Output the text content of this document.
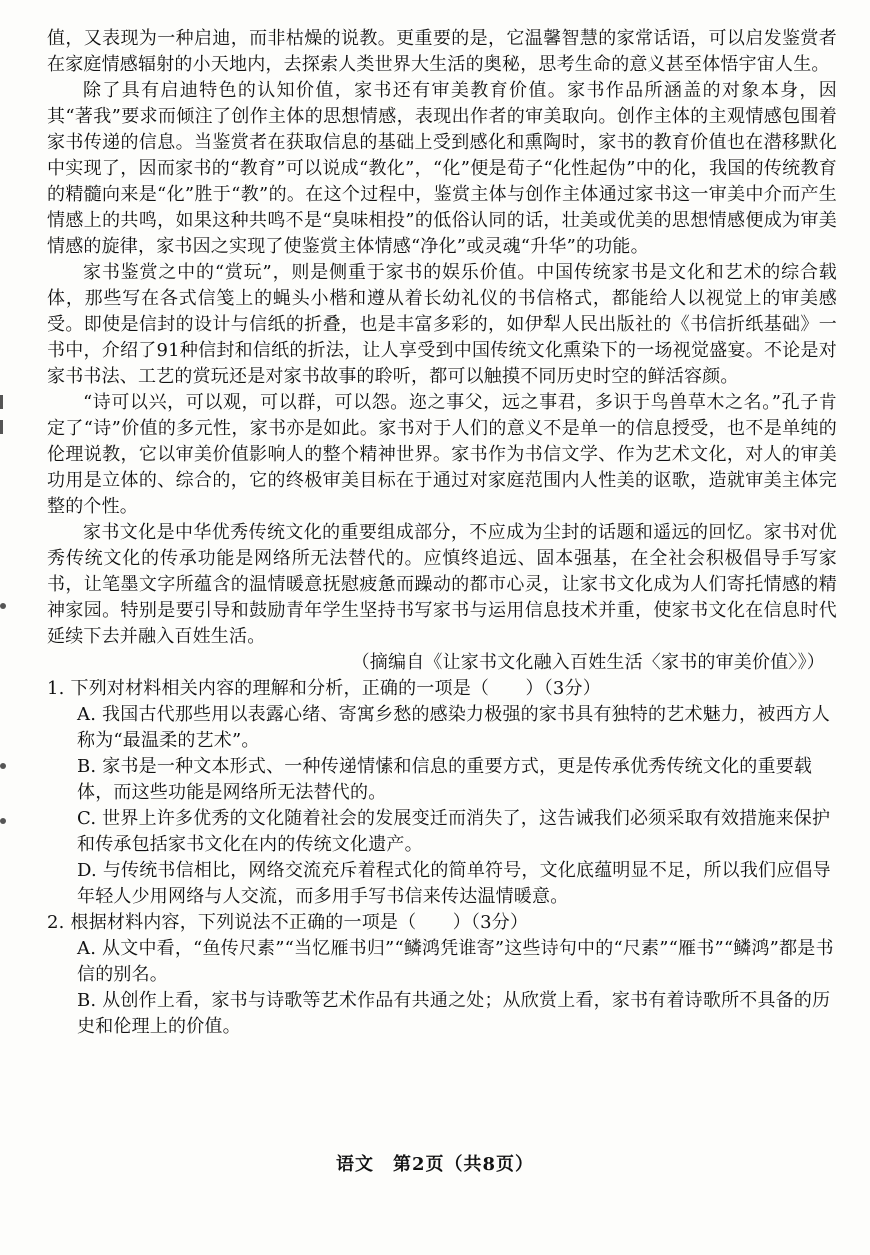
值，又表现为一种启迪，而非枯燥的说教。更重要的是，它温馨智慧的家常话语，可以启发鉴赏者在家庭情感辐射的小天地内，去探索人类世界大生活的奥秘，思考生命的意义甚至体悟宇宙人生。

除了具有启迪特色的认知价值，家书还有审美教育价值。家书作品所涵盖的对象本身，因其“著我”要求而倾注了创作主体的思想情感，表现出作者的审美取向。创作主体的主观情感包围着家书传递的信息。当鉴赏者在获取信息的基础上受到感化和熏陶时，家书的教育价值也在潜移默化中实现了，因而家书的“教育”可以说成“教化”，“化”便是荀子“化性起伪”中的化，我国的传统教育的精髓向来是“化”胜于“教”的。在这个过程中，鉴赏主体与创作主体通过家书这一审美中介而产生情感上的共鸣，如果这种共鸣不是“臭味相投”的低俗认同的话，壮美或优美的思想情感便成为审美情感的旋律，家书因之实现了使鉴赏主体情感“净化”或灵魂“升华”的功能。

家书鉴赏之中的“赏玩”，则是侧重于家书的娱乐价值。中国传统家书是文化和艺术的综合载体，那些写在各式信笺上的蝇头小楷和遵从着长幼礼仪的书信格式，都能给人以视觉上的审美感受。即使是信封的设计与信纸的折叠，也是丰富多彩的，如伊犁人民出版社的《书信折纸基础》一书中，介绍了91种信封和信纸的折法，让人享受到中国传统文化熏染下的一场视觉盛宴。不论是对家书书法、工艺的赏玩还是对家书故事的聆听，都可以触摸不同历史时空的鲜活容颜。

“诗可以兴，可以观，可以群，可以怨。迩之事父，远之事君，多识于鸟兽草木之名。”孔子肯定了“诗”价值的多元性，家书亦是如此。家书对于人们的意义不是单一的信息授受，也不是单纯的伦理说教，它以审美价值影响人的整个精神世界。家书作为书信文学、作为艺术文化，对人的审美功用是立体的、综合的，它的终极审美目标在于通过对家庭范围内人性美的讴歌，造就审美主体完整的个性。

家书文化是中华优秀传统文化的重要组成部分，不应成为尘封的话题和遥远的回忆。家书对优秀传统文化的传承功能是网络所无法替代的。应慎终追远、固本强基，在全社会积极倡导手写家书，让笔墨文字所蕴含的温情暖意抚慰疲惫而躁动的都市心灵，让家书文化成为人们寄托情感的精神家园。特别是要引导和鼓励青年学生坚持书写家书与运用信息技术并重，使家书文化在信息时代延续下去并融入百姓生活。

（摘编自《让家书文化融入百姓生活〈家书的审美价值〉》）

1. 下列对材料相关内容的理解和分析，正确的一项是（　　）（3分）

A. 我国古代那些用以表露心绪、寄寓乡愁的感染力极强的家书具有独特的艺术魅力，被西方人称为“最温柔的艺术”。

B. 家书是一种文本形式、一种传递情愫和信息的重要方式，更是传承优秀传统文化的重要载体，而这些功能是网络所无法替代的。

C. 世界上许多优秀的文化随着社会的发展变迁而消失了，这告诫我们必须采取有效措施来保护和传承包括家书文化在内的传统文化遗产。

D. 与传统书信相比，网络交流充斥着程式化的简单符号，文化底蕴明显不足，所以我们应倡导年轻人少用网络与人交流，而多用手写书信来传达温情暖意。

2. 根据材料内容，下列说法不正确的一项是（　　）（3分）

A. 从文中看，“鱼传尺素”“当忆雁书归”“鳞鸿凭谁寄”这些诗句中的“尺素”“雁书”“鳞鸿”都是书信的别名。

B. 从创作上看，家书与诗歌等艺术作品有共通之处；从欣赏上看，家书有着诗歌所不具备的历史和伦理上的价值。

语文　第2页（共8页）
